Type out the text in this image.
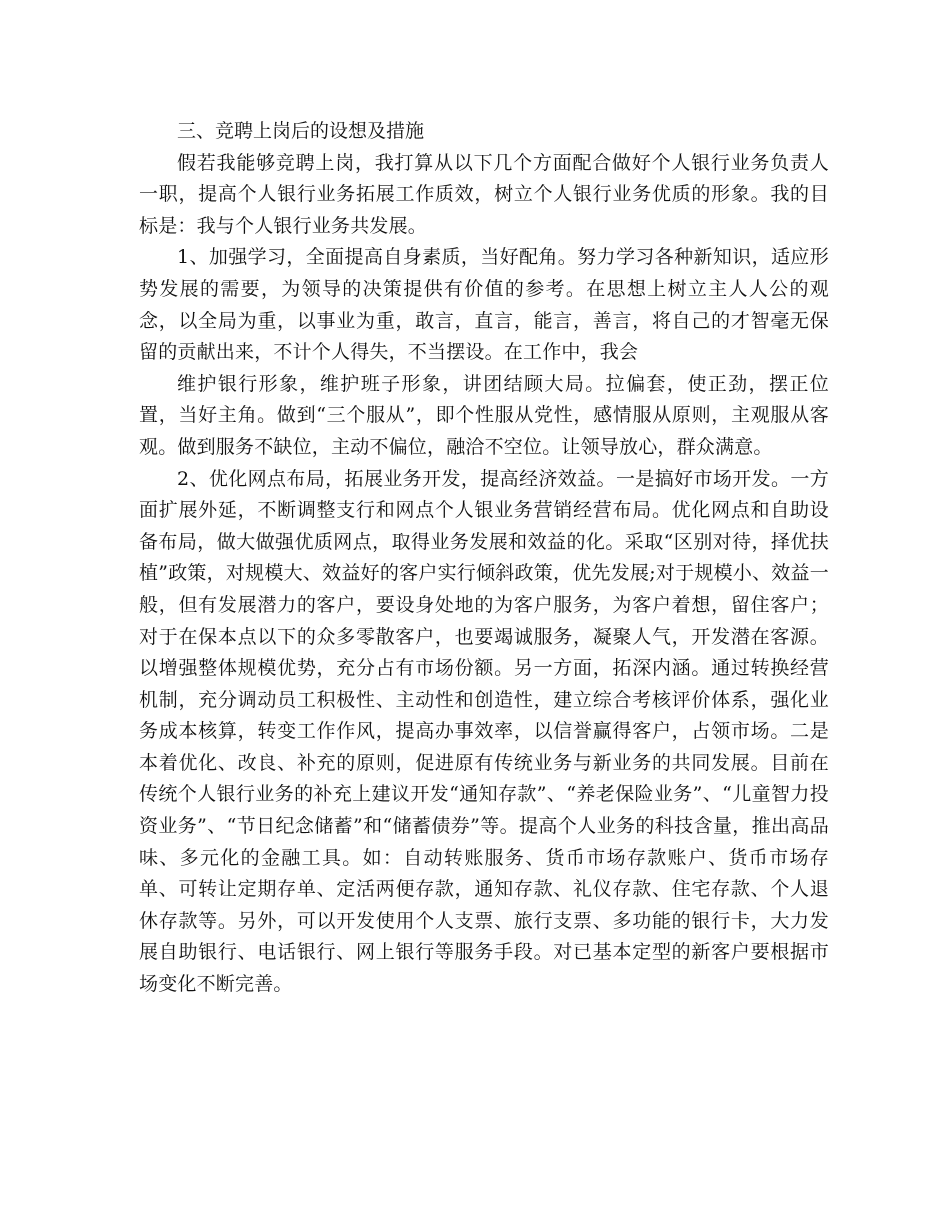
三、竞聘上岗后的设想及措施

假若我能够竞聘上岗，我打算从以下几个方面配合做好个人银行业务负责人一职，提高个人银行业务拓展工作质效，树立个人银行业务优质的形象。我的目标是：我与个人银行业务共发展。

1、加强学习，全面提高自身素质，当好配角。努力学习各种新知识，适应形势发展的需要，为领导的决策提供有价值的参考。在思想上树立主人人公的观念，以全局为重，以事业为重，敢言，直言，能言，善言，将自己的才智毫无保留的贡献出来，不计个人得失，不当摆设。在工作中，我会

维护银行形象，维护班子形象，讲团结顾大局。拉偏套，使正劲，摆正位置，当好主角。做到“三个服从”，即个性服从党性，感情服从原则，主观服从客观。做到服务不缺位，主动不偏位，融洽不空位。让领导放心，群众满意。

2、优化网点布局，拓展业务开发，提高经济效益。一是搞好市场开发。一方面扩展外延，不断调整支行和网点个人银业务营销经营布局。优化网点和自助设备布局，做大做强优质网点，取得业务发展和效益的化。采取“区别对待，择优扶植”政策，对规模大、效益好的客户实行倾斜政策，优先发展;对于规模小、效益一般，但有发展潜力的客户，要设身处地的为客户服务，为客户着想，留住客户；对于在保本点以下的众多零散客户，也要竭诚服务，凝聚人气，开发潜在客源。以增强整体规模优势，充分占有市场份额。另一方面，拓深内涵。通过转换经营机制，充分调动员工积极性、主动性和创造性，建立综合考核评价体系，强化业务成本核算，转变工作作风，提高办事效率，以信誉赢得客户，占领市场。二是本着优化、改良、补充的原则，促进原有传统业务与新业务的共同发展。目前在传统个人银行业务的补充上建议开发“通知存款”、“养老保险业务”、“儿童智力投资业务”、“节日纪念储蓄”和“储蓄债券”等。提高个人业务的科技含量，推出高品味、多元化的金融工具。如：自动转账服务、货币市场存款账户、货币市场存单、可转让定期存单、定活两便存款，通知存款、礼仪存款、住宅存款、个人退休存款等。另外，可以开发使用个人支票、旅行支票、多功能的银行卡，大力发展自助银行、电话银行、网上银行等服务手段。对已基本定型的新客户要根据市场变化不断完善。
